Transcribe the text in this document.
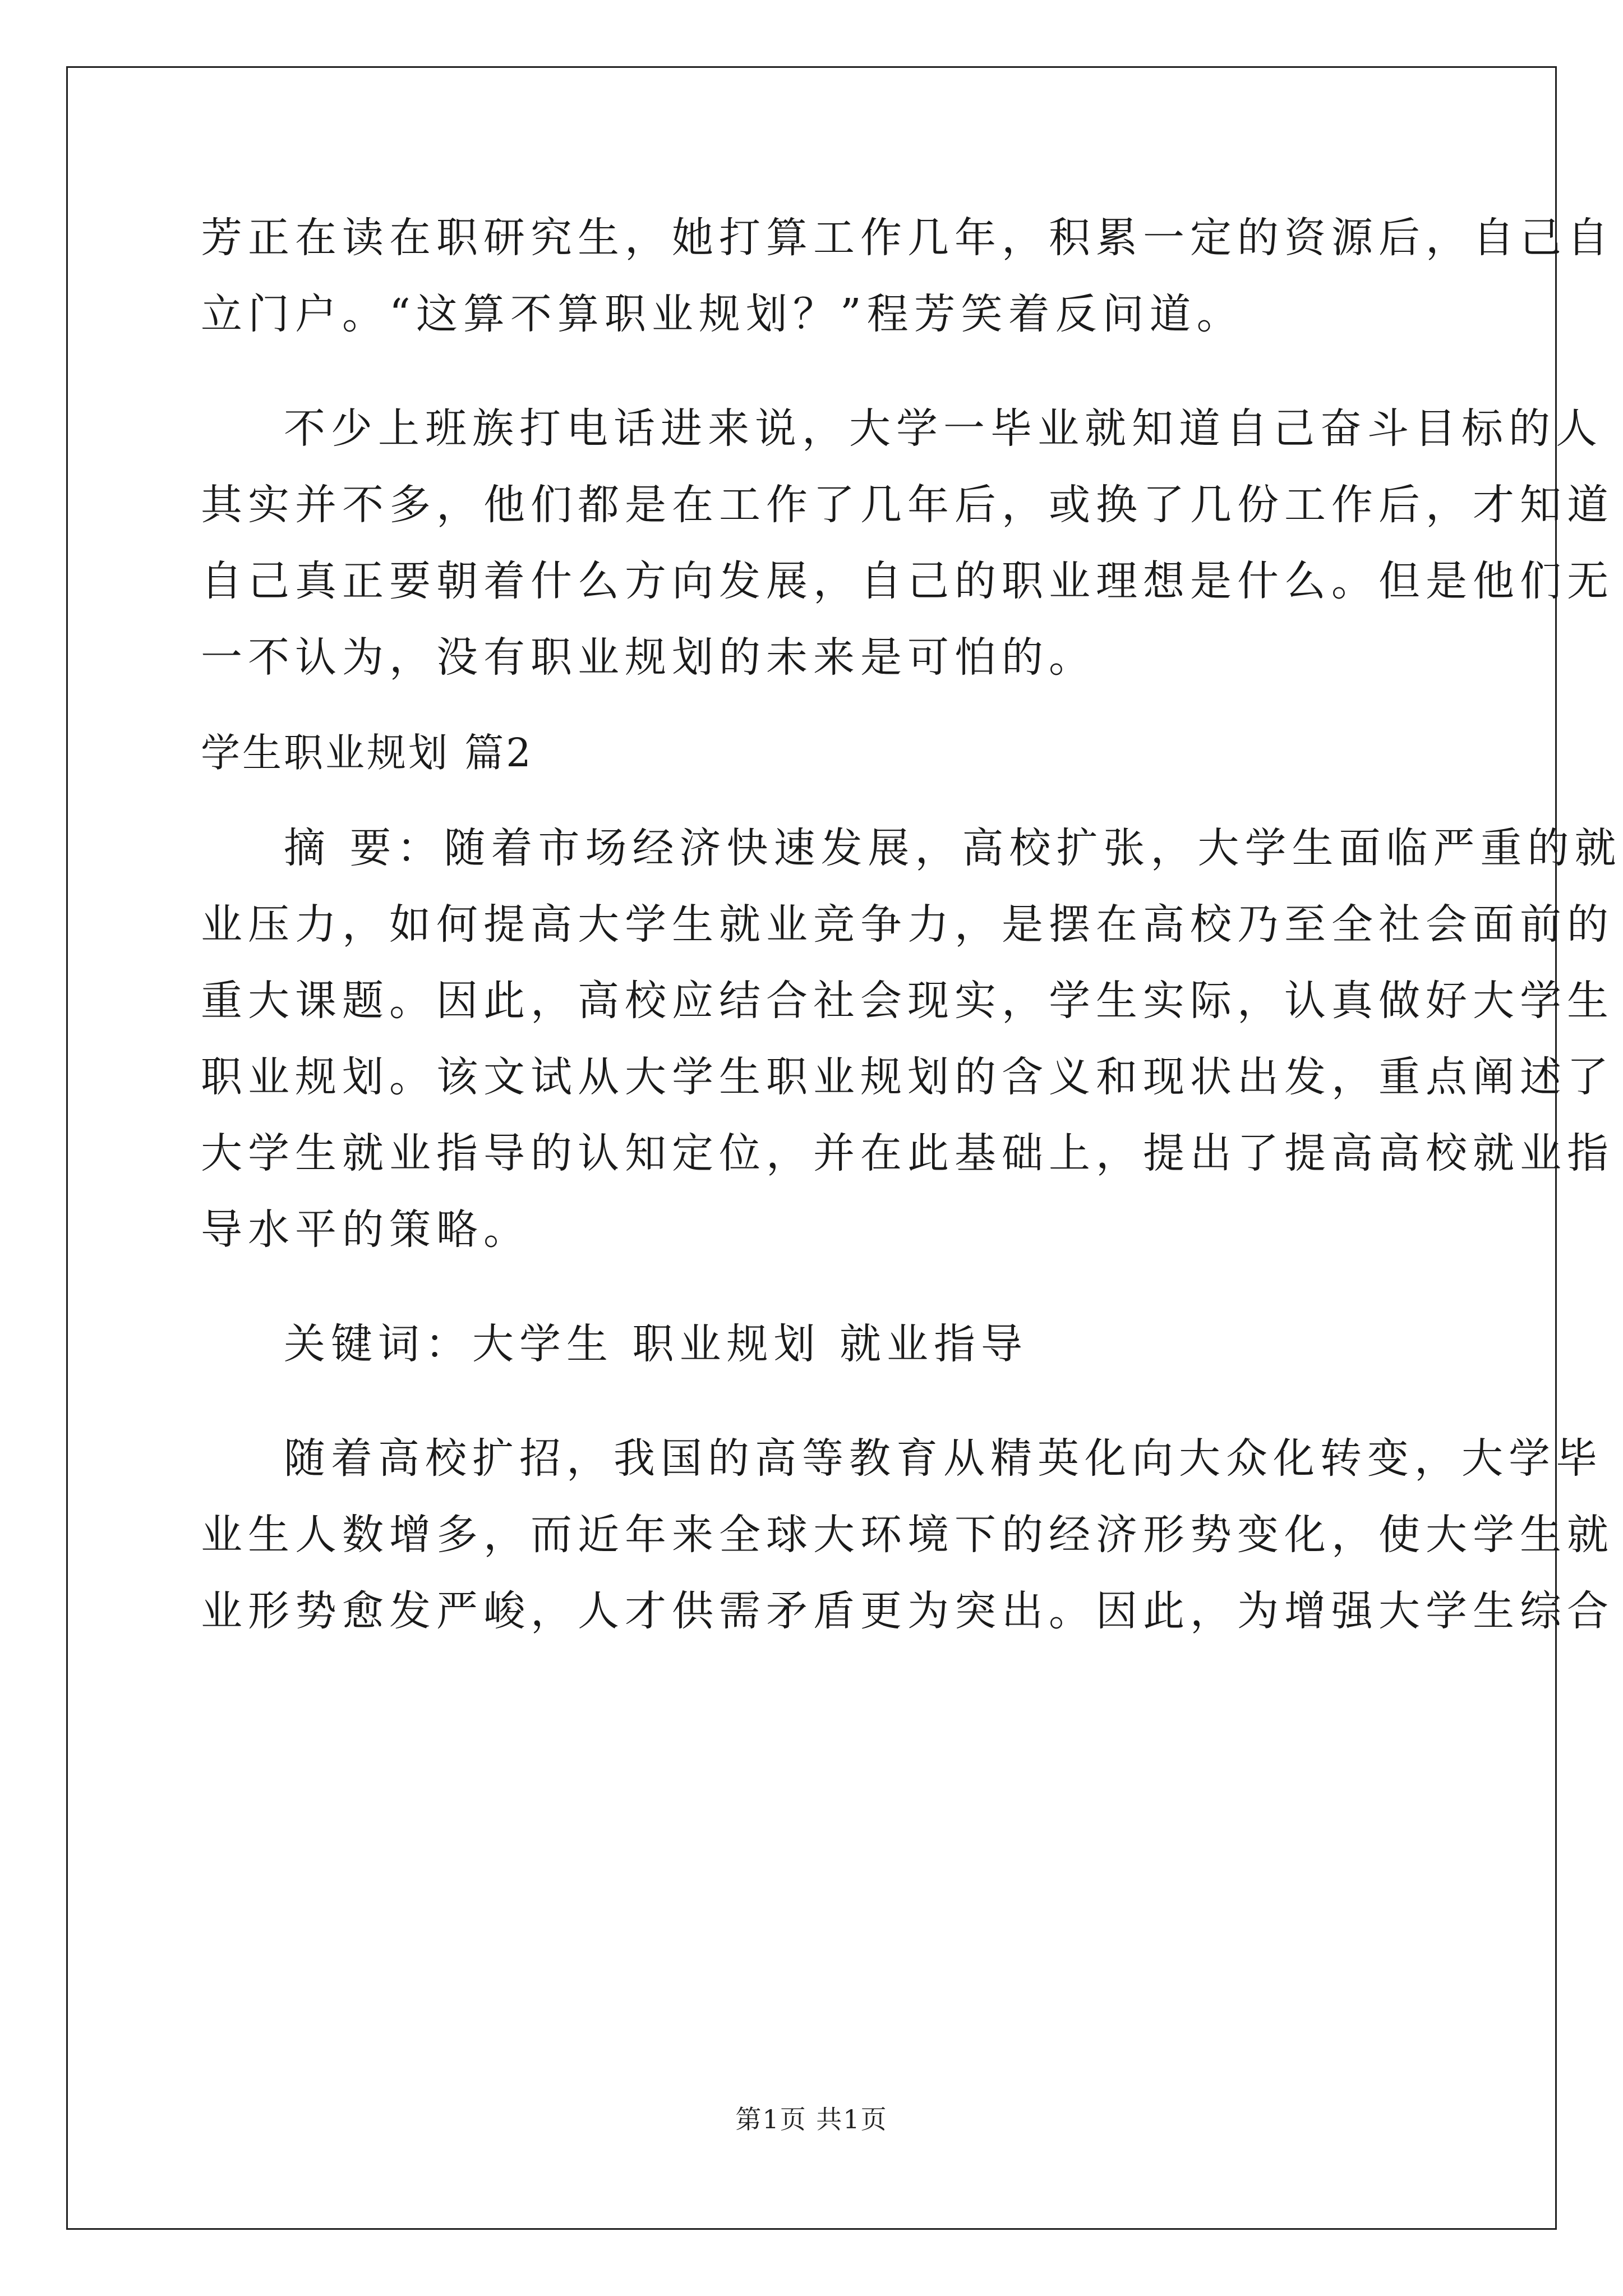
芳正在读在职研究生，她打算工作几年，积累一定的资源后，自己自
立门户。“这算不算职业规划？”程芳笑着反问道。
不少上班族打电话进来说，大学一毕业就知道自己奋斗目标的人
其实并不多，他们都是在工作了几年后，或换了几份工作后，才知道
自己真正要朝着什么方向发展，自己的职业理想是什么。但是他们无
一不认为，没有职业规划的未来是可怕的。
学生职业规划 篇2
摘 要：随着市场经济快速发展，高校扩张，大学生面临严重的就
业压力，如何提高大学生就业竞争力，是摆在高校乃至全社会面前的
重大课题。因此，高校应结合社会现实，学生实际，认真做好大学生
职业规划。该文试从大学生职业规划的含义和现状出发，重点阐述了
大学生就业指导的认知定位，并在此基础上，提出了提高高校就业指
导水平的策略。
关键词：大学生 职业规划 就业指导
随着高校扩招，我国的高等教育从精英化向大众化转变，大学毕
业生人数增多，而近年来全球大环境下的经济形势变化，使大学生就
业形势愈发严峻，人才供需矛盾更为突出。因此，为增强大学生综合
第1页 共1页
